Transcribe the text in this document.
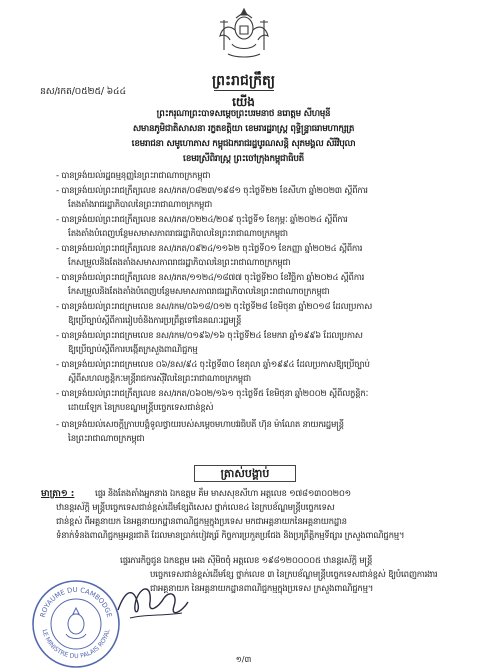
នស/រកត/០៥២៥/ ៦៤៤
ព្រះរាជក្រឹត្យ
យើង
ព្រះករុណាព្រះបាទសម្តេចព្រះបរមនាថ នរោត្តម សីហមុនី
សមានភូមិជាតិសាសនា រក្ខតខត្តិយា ខេមរារដ្ឋរាស្ត្រ ពុទ្ធិន្ទ្រាធរាមហាក្សត្រ
ខេមរាជនា សមូហោភាស កម្ពុជឯករាជរដ្ឋបូរណសន្តិ សុភមង្គល សិរីវិបុលា
ខេមរស្រីពិរាស្ត្រ ព្រះចៅក្រុងកម្ពុជាធិបតី
- បានទ្រង់យល់រដ្ឋធម្មនុញ្ញនៃព្រះរាជាណាចក្រកម្ពុជា
- បានទ្រង់យល់ព្រះរាជក្រឹត្យលេខ នស/រកត/០៨២៣/១៩៨១ ចុះថ្ងៃទី២២ ខែសីហា ឆ្នាំ២០២៣ ស្តីពីការ
តែងតាំងរាជរដ្ឋាភិបាលនៃព្រះរាជាណាចក្រកម្ពុជា
- បានទ្រង់យល់ព្រះរាជក្រឹត្យលេខ នស/រកត/០២២៤/២០៩ ចុះថ្ងៃទី១ ខែកុម្ភៈ ឆ្នាំ២០២៤ ស្តីពីការ
តែងតាំងបំពេញបន្ថែមសមាសភាពរាជរដ្ឋាភិបាលនៃព្រះរាជាណាចក្រកម្ពុជា
- បានទ្រង់យល់ព្រះរាជក្រឹត្យលេខ នស/រកត/០៩២៤/១១៦២ ចុះថ្ងៃទី០១ ខែកញ្ញា ឆ្នាំ២០២៤ ស្តីពីការ
កែសម្រួលនិងតែងតាំងសមាសភាពរាជរដ្ឋាភិបាលនៃព្រះរាជាណាចក្រកម្ពុជា
- បានទ្រង់យល់ព្រះរាជក្រឹត្យលេខ នស/រកត/១១២៤/១៨៧៧ ចុះថ្ងៃទី២០ ខែវិច្ឆិកា ឆ្នាំ២០២៤ ស្តីពីការ
កែសម្រួលនិងតែងតាំងបំពេញបន្ថែមសមាសភាពរាជរដ្ឋាភិបាលនៃព្រះរាជាណាចក្រកម្ពុជា
- បានទ្រង់យល់ព្រះរាជក្រមលេខ នស/រកម/០៦១៨/០១២ ចុះថ្ងៃទី២៨ ខែមិថុនា ឆ្នាំ២០១៨ ដែលប្រកាស
ឱ្យប្រើច្បាប់ស្តីពីការរៀបចំនិងការប្រព្រឹត្តទៅនៃគណៈរដ្ឋមន្ត្រី
- បានទ្រង់យល់ព្រះរាជក្រមលេខ នស/រកម/០១៩៦/១៦ ចុះថ្ងៃទី២៤ ខែមករា ឆ្នាំ១៩៩៦ ដែលប្រកាស
ឱ្យប្រើច្បាប់ស្តីពីការបង្កើតក្រសួងពាណិជ្ជកម្ម
- បានទ្រង់យល់ព្រះរាជក្រមលេខ ០៦/នស/៩៤ ចុះថ្ងៃទី៣០ ខែតុលា ឆ្នាំ១៩៩៤ ដែលប្រកាសឱ្យប្រើច្បាប់
ស្តីពីសហលក្ខន្តិកៈមន្ត្រីរាជការស៊ីវិលនៃព្រះរាជាណាចក្រកម្ពុជា
- បានទ្រង់យល់ព្រះរាជក្រឹត្យលេខ នស/រកត/០៦០២/១៦១ ចុះថ្ងៃទី៥ ខែមិថុនា ឆ្នាំ២០០២ ស្តីពីលក្ខន្តិកៈ
ដោយឡែក នៃក្របខណ្ឌមន្ត្រីបច្ចេកទេសជាន់ខ្ពស់
- បានទ្រង់យល់សេចក្តីក្រាបបង្គំទូលថ្វាយរបស់សម្តេចមហាបវរធិបតី ហ៊ុន ម៉ាណែត នាយករដ្ឋមន្ត្រី
នៃព្រះរាជាណាចក្រកម្ពុជា
ត្រាស់បង្គាប់
មាត្រា១ : ផ្ទេរ និងតែងតាំងអ្នកនាង ឯកឧត្តម គឹម មាសសុខសីហា អត្តលេខ ១៧៨១៣០០២០១
ឋានន្តរស័ក្តិ មន្ត្រីបច្ចេកទេសជាន់ខ្ពស់ដើមខ្សែពិសេស ថ្នាក់លេខ៤ នៃក្របខ័ណ្ឌមន្ត្រីបច្ចេកទេស
ជាន់ខ្ពស់ ពីអគ្គនាយក នៃអគ្គនាយកដ្ឋានពាណិជ្ជកម្មក្នុងប្រទេស មកជាអគ្គនាយកនៃអគ្គនាយកដ្ឋាន
ទំនាក់ទំនងពាណិជ្ជកម្មអន្តរជាតិ ដែលមានប្រាក់បៀវត្សរ៍ កិច្ចការប្រកួតប្រជែង និងប្រព្រឹត្តិកម្មទីផ្សារ ក្រសួងពាណិជ្ជកម្ម។
ផ្ទេរភារកិច្ចជូន ឯកឧត្តម អេង ស៊ីមិចចុំ អត្តលេខ ១៩៨១២០០០០៥ ឋានន្តរស័ក្តិ មន្ត្រី
បច្ចេកទេសជាន់ខ្ពស់ដើមខ្សែ ថ្នាក់លេខ ៣ នៃក្របខ័ណ្ឌមន្ត្រីបច្ចេកទេសជាន់ខ្ពស់ ឱ្យបំពេញការងារ
ជាអគ្គនាយក នៃអគ្គនាយកដ្ឋានពាណិជ្ជកម្មក្នុងប្រទេស ក្រសួងពាណិជ្ជកម្ម។
ROYAUME DU CAMBODGE
LE MINISTRE DU PALAIS ROYAL
១/៣
